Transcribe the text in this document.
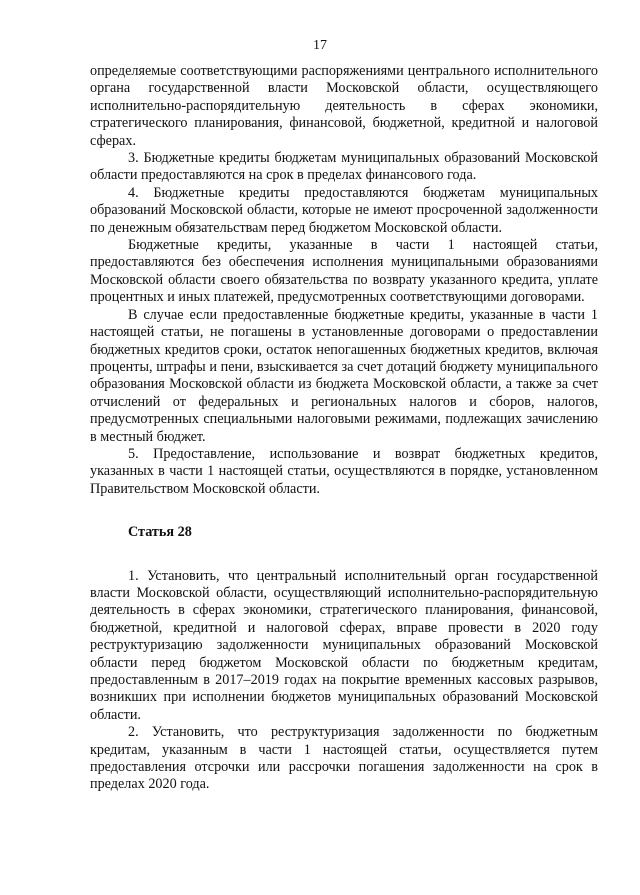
17

определяемые соответствующими распоряжениями центрального исполнительного органа государственной власти Московской области, осуществляющего исполнительно-распорядительную деятельность в сферах экономики, стратегического планирования, финансовой, бюджетной, кредитной и налоговой сферах.

3. Бюджетные кредиты бюджетам муниципальных образований Московской области предоставляются на срок в пределах финансового года.

4. Бюджетные кредиты предоставляются бюджетам муниципальных образований Московской области, которые не имеют просроченной задолженности по денежным обязательствам перед бюджетом Московской области.

Бюджетные кредиты, указанные в части 1 настоящей статьи, предоставляются без обеспечения исполнения муниципальными образованиями Московской области своего обязательства по возврату указанного кредита, уплате процентных и иных платежей, предусмотренных соответствующими договорами.

В случае если предоставленные бюджетные кредиты, указанные в части 1 настоящей статьи, не погашены в установленные договорами о предоставлении бюджетных кредитов сроки, остаток непогашенных бюджетных кредитов, включая проценты, штрафы и пени, взыскивается за счет дотаций бюджету муниципального образования Московской области из бюджета Московской области, а также за счет отчислений от федеральных и региональных налогов и сборов, налогов, предусмотренных специальными налоговыми режимами, подлежащих зачислению в местный бюджет.

5. Предоставление, использование и возврат бюджетных кредитов, указанных в части 1 настоящей статьи, осуществляются в порядке, установленном Правительством Московской области.

Статья 28

1. Установить, что центральный исполнительный орган государственной власти Московской области, осуществляющий исполнительно-распорядительную деятельность в сферах экономики, стратегического планирования, финансовой, бюджетной, кредитной и налоговой сферах, вправе провести в 2020 году реструктуризацию задолженности муниципальных образований Московской области перед бюджетом Московской области по бюджетным кредитам, предоставленным в 2017–2019 годах на покрытие временных кассовых разрывов, возникших при исполнении бюджетов муниципальных образований Московской области.

2. Установить, что реструктуризация задолженности по бюджетным кредитам, указанным в части 1 настоящей статьи, осуществляется путем предоставления отсрочки или рассрочки погашения задолженности на срок в пределах 2020 года.
